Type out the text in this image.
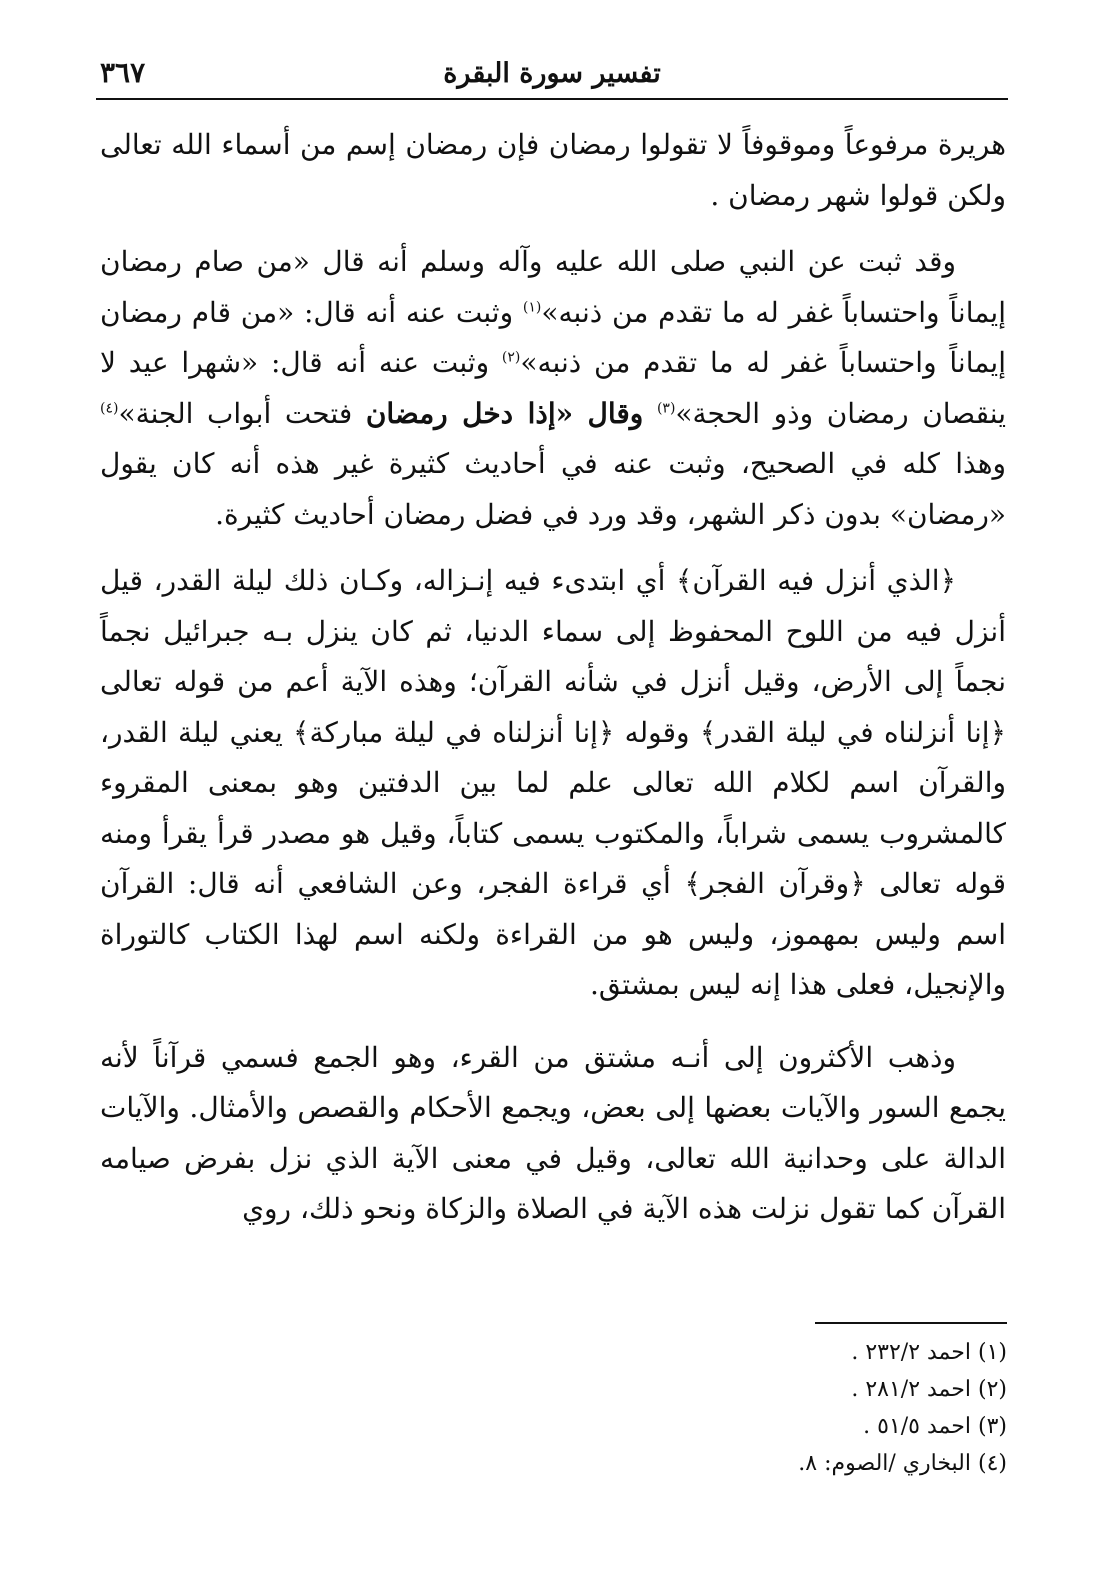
تفسير سورة البقرة
٣٦٧

هريرة مرفوعاً وموقوفاً لا تقولوا رمضان فإن رمضان إسم من أسماء الله تعالى ولكن قولوا شهر رمضان .

وقد ثبت عن النبي صلى الله عليه وآله وسلم أنه قال «من صام رمضان إيماناً واحتساباً غفر له ما تقدم من ذنبه»$^{(١)}$ وثبت عنه أنه قال: «من قام رمضان إيماناً واحتساباً غفر له ما تقدم من ذنبه»$^{(٢)}$ وثبت عنه أنه قال: «شهرا عيد لا ينقصان رمضان وذو الحجة»$^{(٣)}$ وقال «إذا دخل رمضان فتحت أبواب الجنة»$^{(٤)}$ وهذا كله في الصحيح، وثبت عنه في أحاديث كثيرة غير هذه أنه كان يقول «رمضان» بدون ذكر الشهر، وقد ورد في فضل رمضان أحاديث كثيرة.

﴿الذي أنزل فيه القرآن﴾ أي ابتدىء فيه إنـزاله، وكـان ذلك ليلة القدر، قيل أنزل فيه من اللوح المحفوظ إلى سماء الدنيا، ثم كان ينزل بـه جبرائيل نجماً نجماً إلى الأرض، وقيل أنزل في شأنه القرآن؛ وهذه الآية أعم من قوله تعالى ﴿إنا أنزلناه في ليلة القدر﴾ وقوله ﴿إنا أنزلناه في ليلة مباركة﴾ يعني ليلة القدر، والقرآن اسم لكلام الله تعالى علم لما بين الدفتين وهو بمعنى المقروء كالمشروب يسمى شراباً، والمكتوب يسمى كتاباً، وقيل هو مصدر قرأ يقرأ ومنه قوله تعالى ﴿وقرآن الفجر﴾ أي قراءة الفجر، وعن الشافعي أنه قال: القرآن اسم وليس بمهموز، وليس هو من القراءة ولكنه اسم لهذا الكتاب كالتوراة والإنجيل، فعلى هذا إنه ليس بمشتق.

وذهب الأكثرون إلى أنـه مشتق من القرء، وهو الجمع فسمي قرآناً لأنه يجمع السور والآيات بعضها إلى بعض، ويجمع الأحكام والقصص والأمثال. والآيات الدالة على وحدانية الله تعالى، وقيل في معنى الآية الذي نزل بفرض صيامه القرآن كما تقول نزلت هذه الآية في الصلاة والزكاة ونحو ذلك، روي

(١) احمد ٢٣٢/٢ .

(٢) احمد ٢٨١/٢ .

(٣) احمد ٥١/٥ .

(٤) البخاري /الصوم: ٨.
